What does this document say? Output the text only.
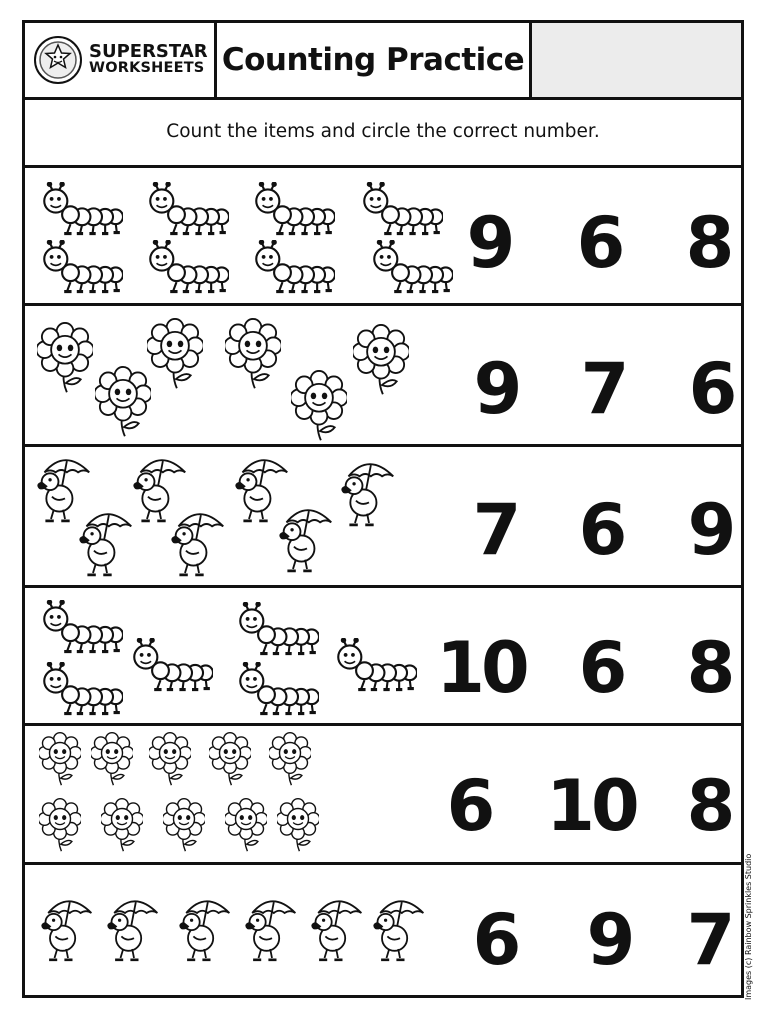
SUPERSTAR
WORKSHEETS Counting Practice
Count the items and circle the correct number.
9 6 8
9 7 6
7 6 9
10 6 8
6 10 8
6 9 7 Images (c) Rainbow Sprinkles Studio
